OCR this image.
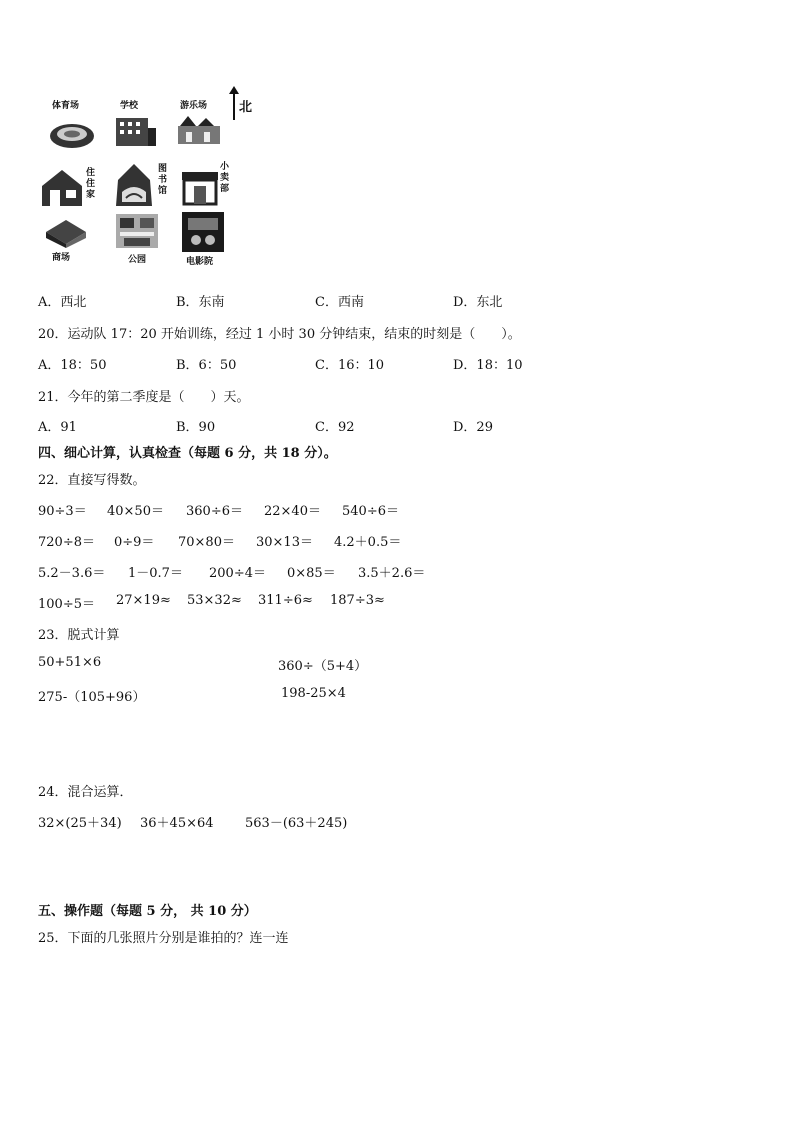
体育场	学校	游乐场
住住家
图书馆
小卖部
商场	公园	电影院
北
A．西北	B．东南	C．西南	D．东北
20．运动队 17：20 开始训练，经过 1 小时 30 分钟结束，结束的时刻是（　　）。
A．18：50	B．6：50	C．16：10	D．18：10
21．今年的第二季度是（　　）天。
A．91	B．90	C．92	D．29
四、细心计算，认真检查（每题 6 分，共 18 分）。
22．直接写得数。
90÷3＝ 40×50＝ 360÷6＝ 22×40＝ 540÷6＝
720÷8＝ 0÷9＝ 70×80＝ 30×13＝ 4.2＋0.5＝
5.2－3.6＝ 1－0.7＝ 200÷4＝ 0×85＝ 3.5＋2.6＝
100÷5＝ 27×19≈ 53×32≈ 311÷6≈ 187÷3≈
23．脱式计算
50+51×6	360÷（5+4）
275-（105+96）	198-25×4
24．混合运算．
32×(25＋34) 36＋45×64 563－(63＋245)
五、操作题（每题 5 分， 共 10 分）
25．下面的几张照片分别是谁拍的？连一连
